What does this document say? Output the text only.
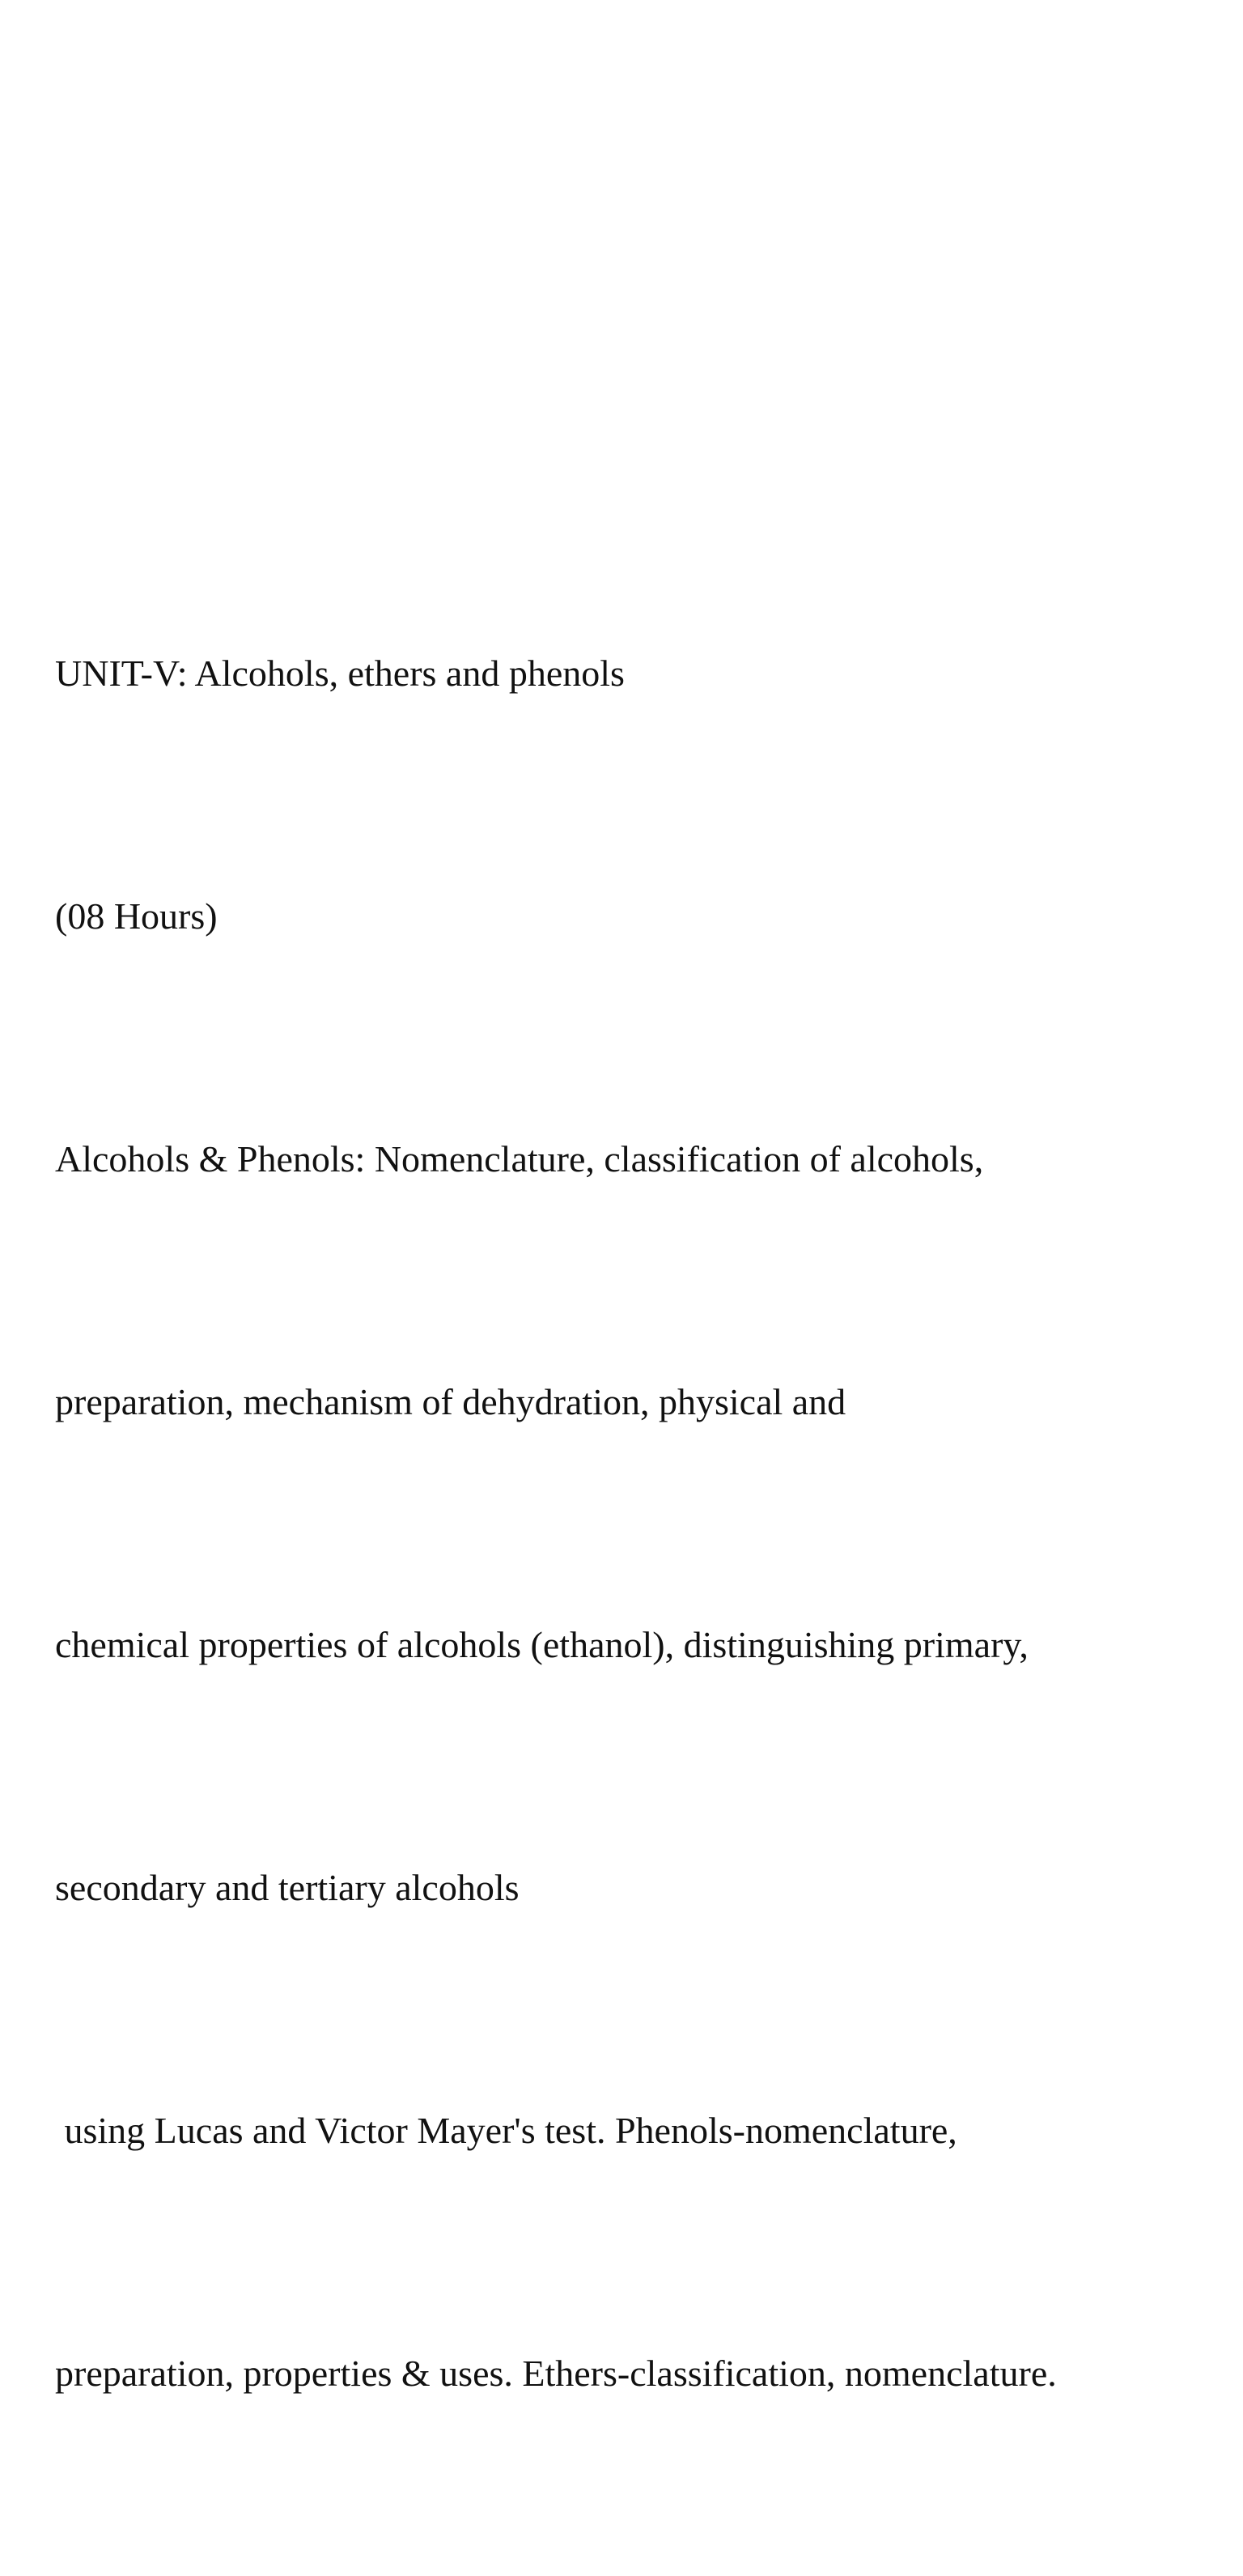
UNIT-V: Alcohols, ethers and phenols

(08 Hours)

Alcohols & Phenols: Nomenclature, classification of alcohols,

preparation, mechanism of dehydration, physical and

chemical properties of alcohols (ethanol), distinguishing primary,

secondary and tertiary alcohols

using Lucas and Victor Mayer's test. Phenols-nomenclature,

preparation, properties & uses. Ethers-classification, nomenclature.
